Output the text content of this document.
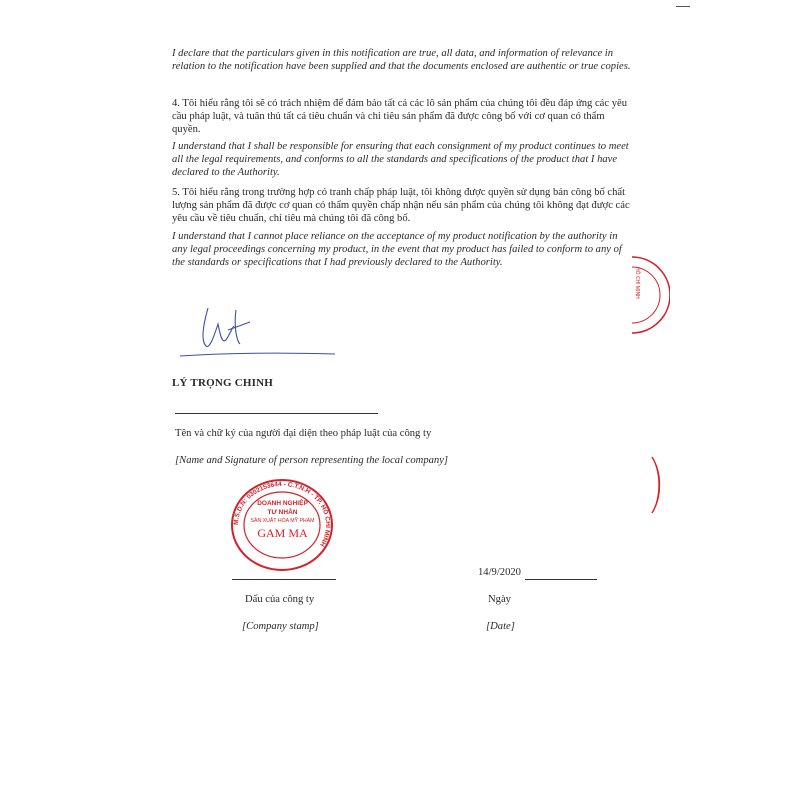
I declare that the particulars given in this notification are true, all data, and information of relevance in relation to the notification have been supplied and that the documents enclosed are authentic or true copies.
4. Tôi hiểu rằng tôi sẽ có trách nhiệm để đảm bảo tất cả các lô sản phẩm của chúng tôi đều đáp ứng các yêu cầu pháp luật, và tuân thủ tất cả tiêu chuẩn và chỉ tiêu sản phẩm đã được công bố với cơ quan có thẩm quyền.
I understand that I shall be responsible for ensuring that each consignment of my product continues to meet all the legal requirements, and conforms to all the standards and specifications of the product that I have declared to the Authority.
5. Tôi hiểu rằng trong trường hợp có tranh chấp pháp luật, tôi không được quyền sử dụng bản công bố chất lượng sản phẩm đã được cơ quan có thẩm quyền chấp nhận nếu sản phẩm của chúng tôi không đạt được các yêu cầu về tiêu chuẩn, chỉ tiêu mà chúng tôi đã công bố.
I understand that I cannot place reliance on the acceptance of my product notification by the authority in any legal proceedings concerning my product, in the event that my product has failed to conform to any of the standards or specifications that I had previously declared to the Authority.
LÝ TRỌNG CHINH
Tên và chữ ký của người đại diện theo pháp luật của công ty
[Name and Signature of person representing the local company]
M.S.D.N: 0302153644 - C.T.N.H - TP. HỒ CHÍ MINH
DOANH NGHIỆP
TƯ NHÂN
SẢN XUẤT HÓA MỸ PHẨM
GAM MA
Dấu của công ty
[Company stamp]
14/9/2020
Ngày
[Date]
HỒ CHÍ MINH
